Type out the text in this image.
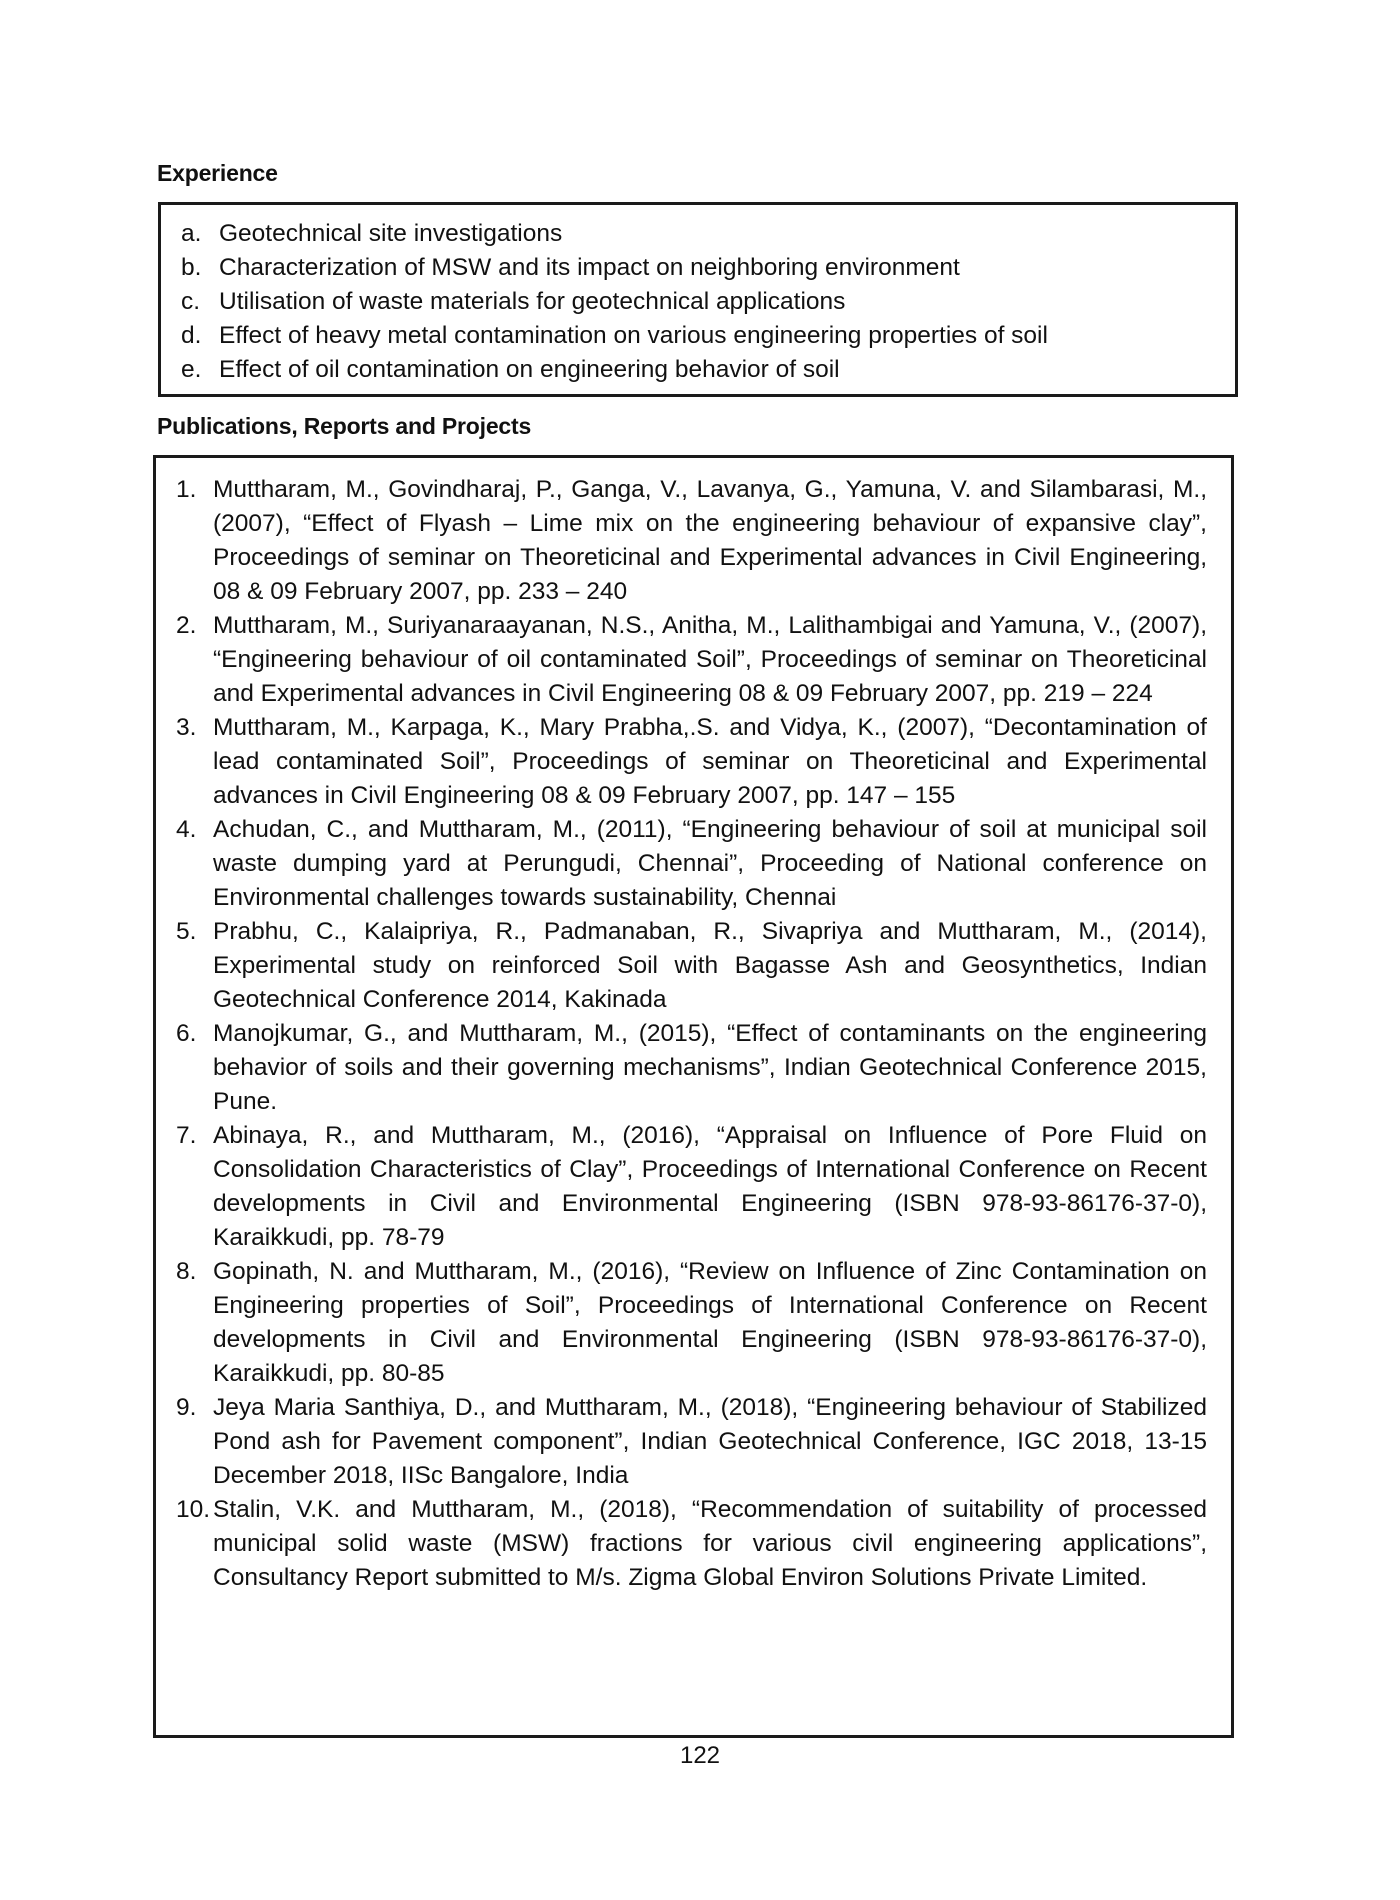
Experience
a. Geotechnical site investigations
b. Characterization of MSW and its impact on neighboring environment
c. Utilisation of waste materials for geotechnical applications
d. Effect of heavy metal contamination on various engineering properties of soil
e. Effect of oil contamination on engineering behavior of soil
Publications, Reports and Projects
1. Muttharam, M., Govindharaj, P., Ganga, V., Lavanya, G., Yamuna, V. and Silambarasi, M., (2007), “Effect of Flyash – Lime mix on the engineering behaviour of expansive clay”, Proceedings of seminar on Theoreticinal and Experimental advances in Civil Engineering, 08 & 09 February 2007, pp. 233 – 240
2. Muttharam, M., Suriyanaraayanan, N.S., Anitha, M., Lalithambigai and Yamuna, V., (2007), “Engineering behaviour of oil contaminated Soil”, Proceedings of seminar on Theoreticinal and Experimental advances in Civil Engineering 08 & 09 February 2007, pp. 219 – 224
3. Muttharam, M., Karpaga, K., Mary Prabha,.S. and Vidya, K., (2007), “Decontamination of lead contaminated Soil”, Proceedings of seminar on Theoreticinal and Experimental advances in Civil Engineering 08 & 09 February 2007, pp. 147 – 155
4. Achudan, C., and Muttharam, M., (2011), “Engineering behaviour of soil at municipal soil waste dumping yard at Perungudi, Chennai”, Proceeding of National conference on Environmental challenges towards sustainability, Chennai
5. Prabhu, C., Kalaipriya, R., Padmanaban, R., Sivapriya and Muttharam, M., (2014), Experimental study on reinforced Soil with Bagasse Ash and Geosynthetics, Indian Geotechnical Conference 2014, Kakinada
6. Manojkumar, G., and Muttharam, M., (2015), “Effect of contaminants on the engineering behavior of soils and their governing mechanisms”, Indian Geotechnical Conference 2015, Pune.
7. Abinaya, R., and Muttharam, M., (2016), “Appraisal on Influence of Pore Fluid on Consolidation Characteristics of Clay”, Proceedings of International Conference on Recent developments in Civil and Environmental Engineering (ISBN 978-93-86176-37-0), Karaikkudi, pp. 78-79
8. Gopinath, N. and Muttharam, M., (2016), “Review on Influence of Zinc Contamination on Engineering properties of Soil”, Proceedings of International Conference on Recent developments in Civil and Environmental Engineering (ISBN 978-93-86176-37-0), Karaikkudi, pp. 80-85
9. Jeya Maria Santhiya, D., and Muttharam, M., (2018), “Engineering behaviour of Stabilized Pond ash for Pavement component”, Indian Geotechnical Conference, IGC 2018, 13-15 December 2018, IISc Bangalore, India
10. Stalin, V.K. and Muttharam, M., (2018), “Recommendation of suitability of processed municipal solid waste (MSW) fractions for various civil engineering applications”, Consultancy Report submitted to M/s. Zigma Global Environ Solutions Private Limited.
122
